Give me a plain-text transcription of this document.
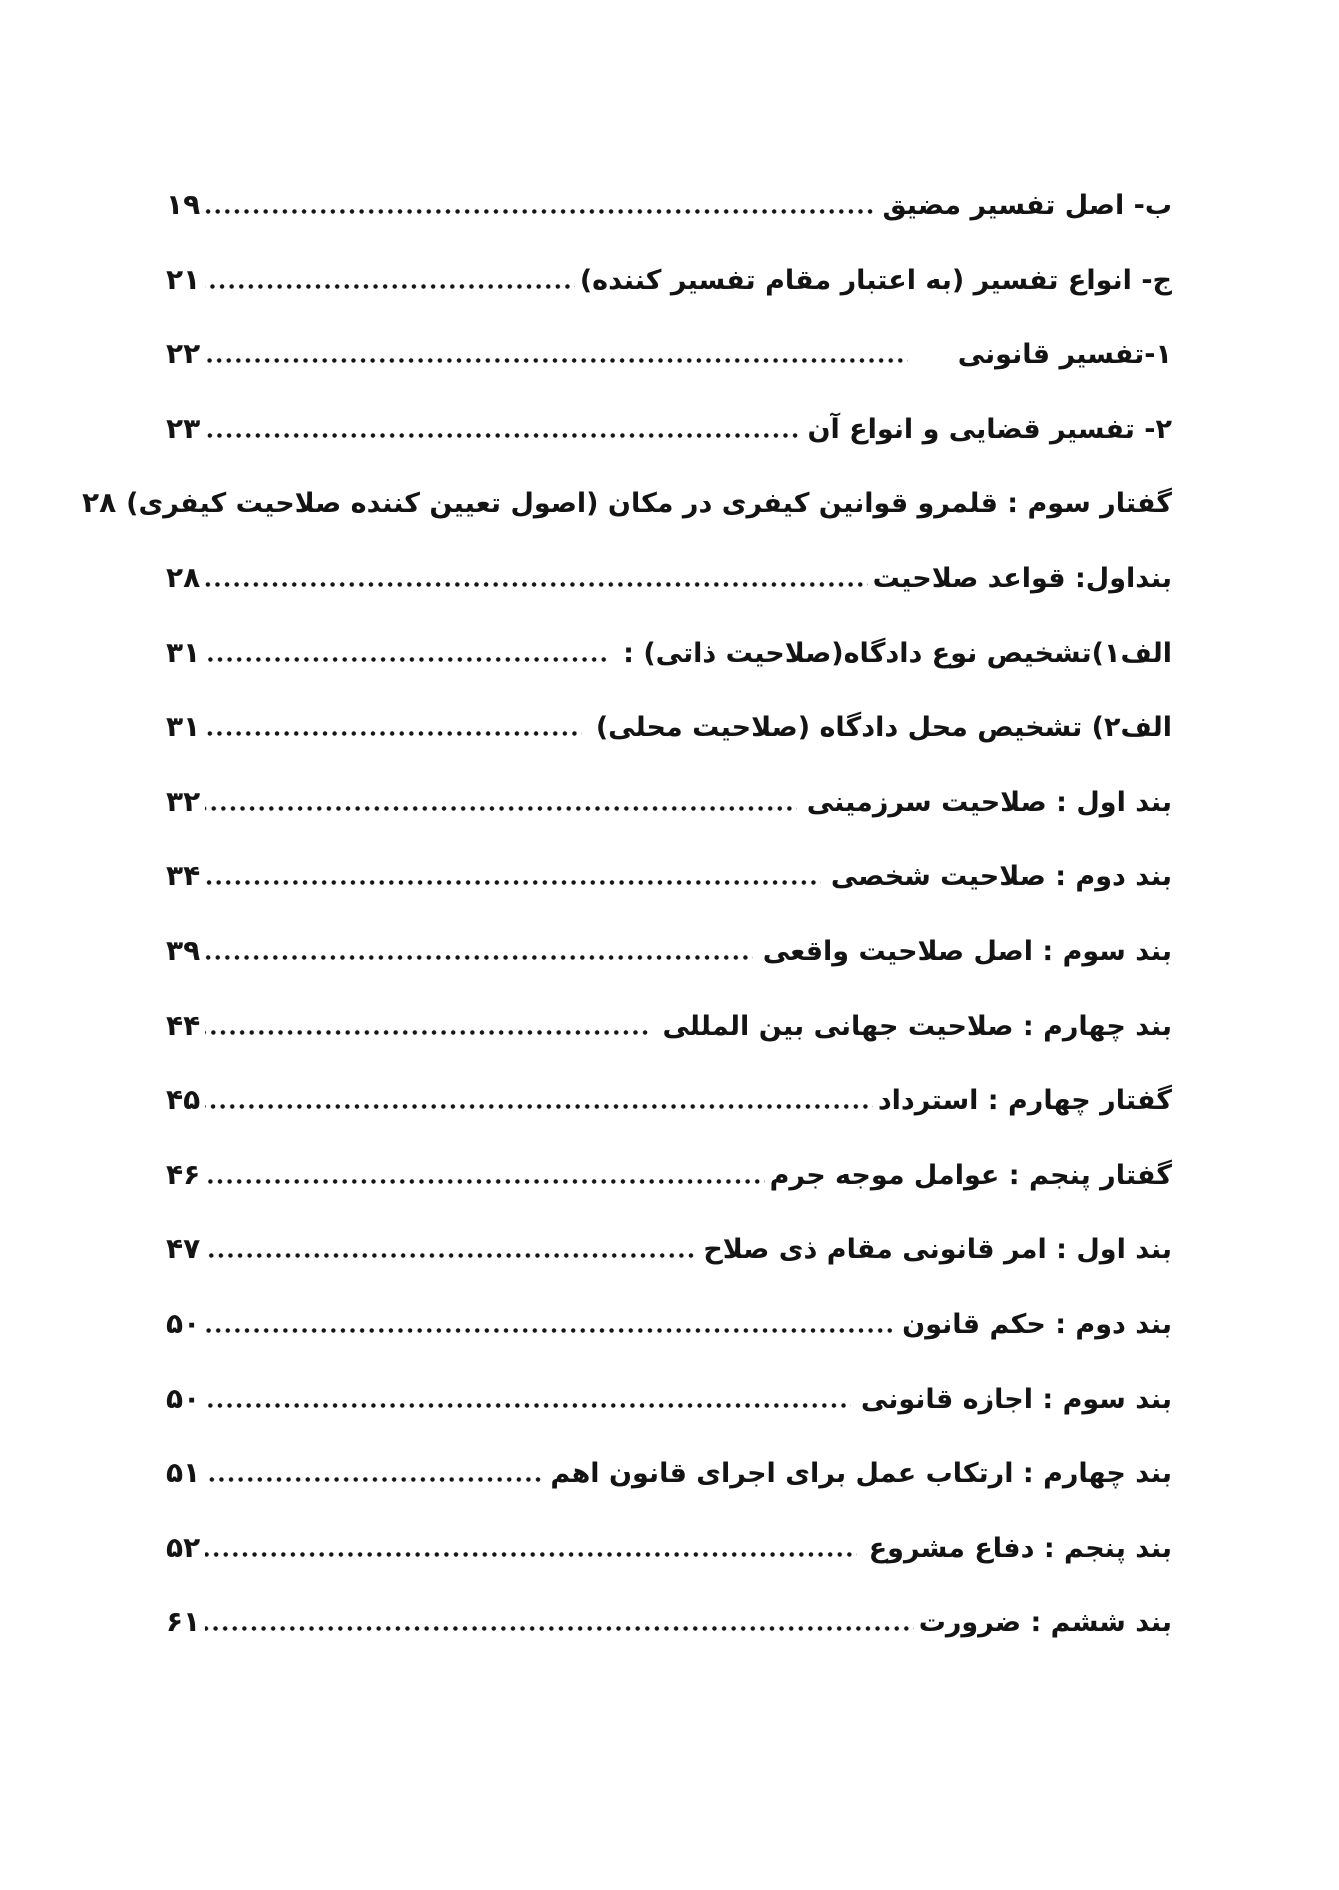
ب- اصل تفسیر مضیق
۱۹
ج- انواع تفسیر (به اعتبار مقام تفسیر کننده)
۲۱
۱-تفسیر قانونی
۲۲
۲- تفسیر قضایی و انواع آن
۲۳
گفتار سوم : قلمرو قوانین کیفری در مکان (اصول تعیین کننده صلاحیت کیفری)
۲۸
بنداول: قواعد صلاحیت
۲۸
الف۱)تشخیص نوع دادگاه(صلاحیت ذاتی) :
۳۱
الف۲) تشخیص محل دادگاه (صلاحیت محلی)
۳۱
بند اول : صلاحیت سرزمینی
۳۲
بند دوم : صلاحیت شخصی
۳۴
بند سوم : اصل صلاحیت واقعی
۳۹
بند چهارم : صلاحیت جهانی بین المللی
۴۴
گفتار چهارم : استرداد
۴۵
گفتار پنجم : عوامل موجه جرم
۴۶
بند اول : امر قانونی مقام ذی صلاح
۴۷
بند دوم : حکم قانون
۵۰
بند سوم : اجازه قانونی
۵۰
بند چهارم : ارتکاب عمل برای اجرای قانون اهم
۵۱
بند پنجم : دفاع مشروع
۵۲
بند ششم : ضرورت
۶۱
